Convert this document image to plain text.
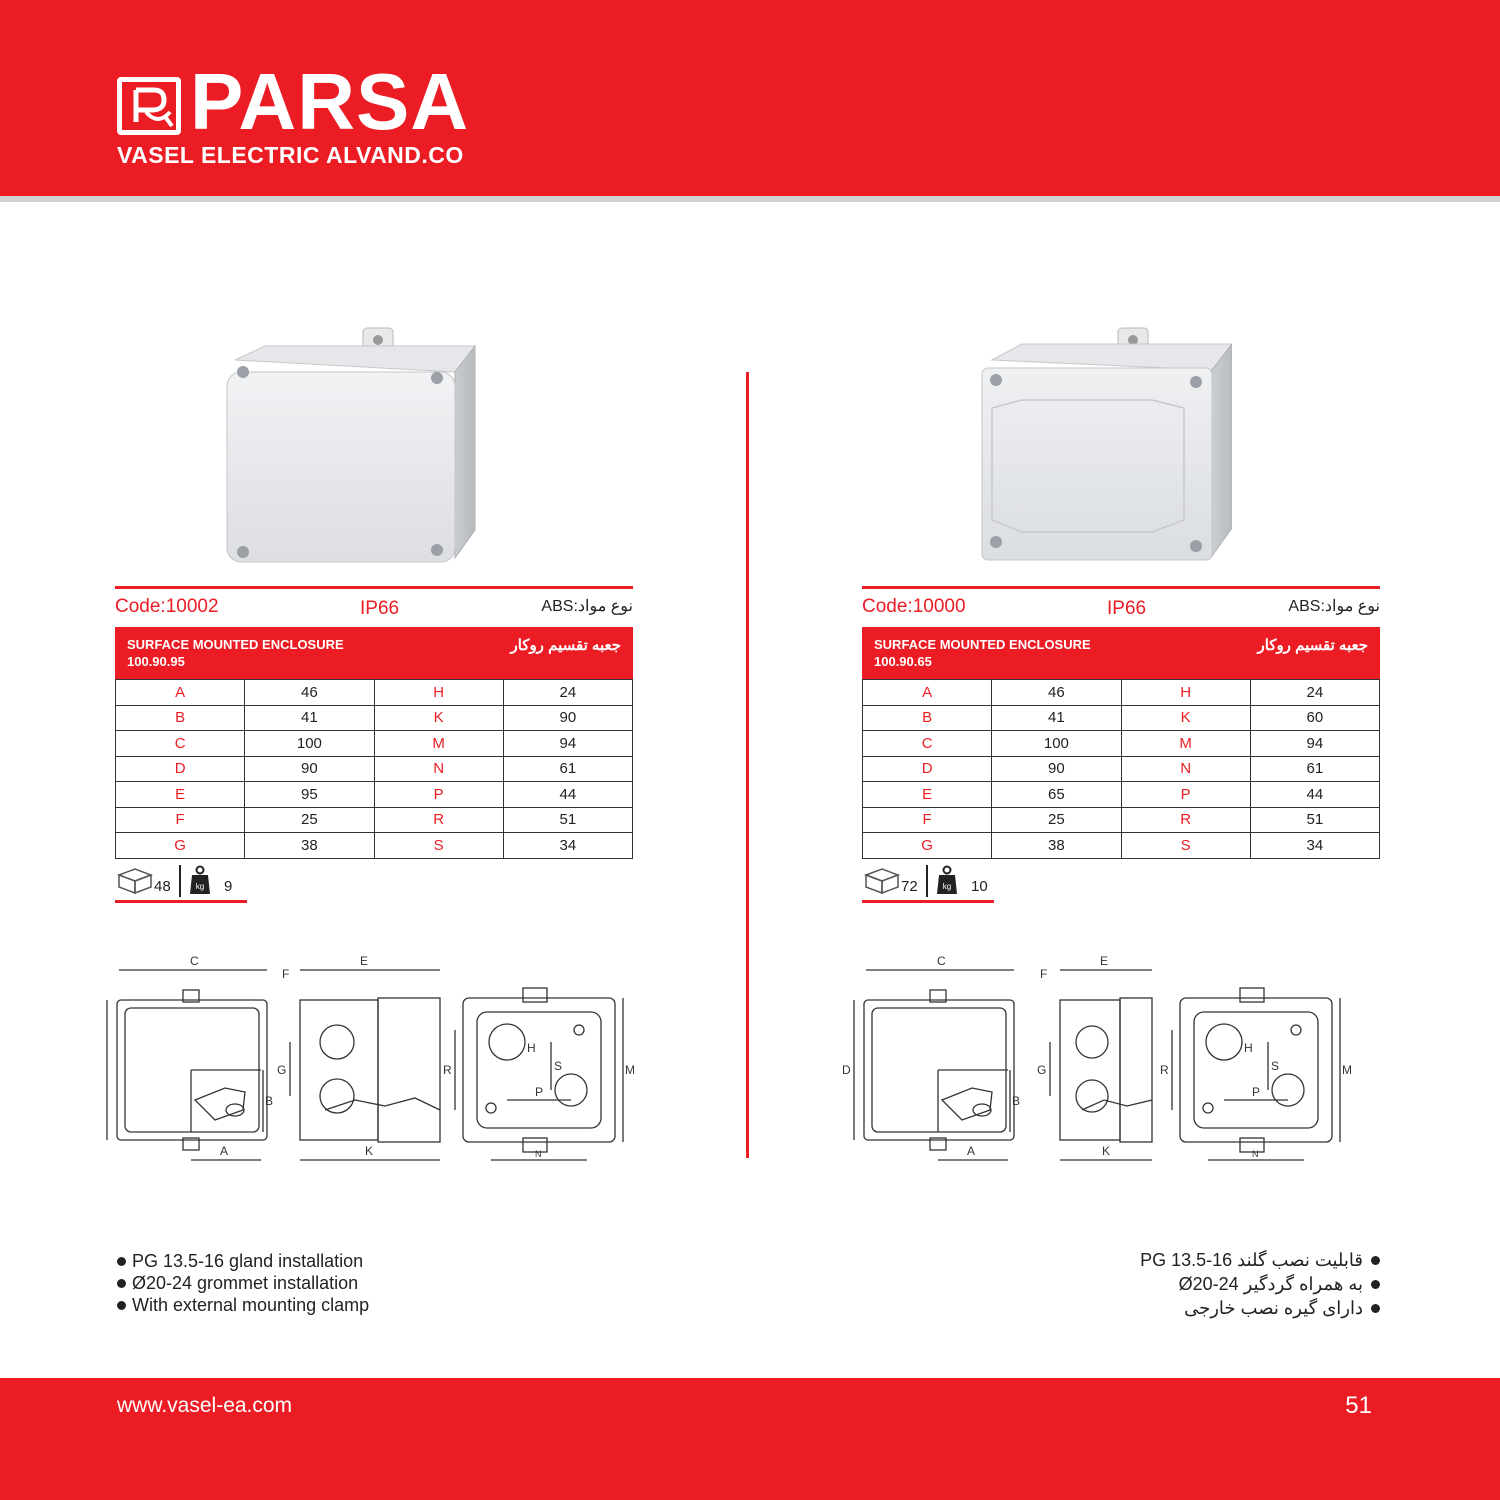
PARSA
VASEL ELECTRIC ALVAND.CO
Code:10002	IP66	نوع مواد:ABS
SURFACE MOUNTED ENCLOSURE
100.90.95
جعبه تقسیم روکار
A	46	H	24
B	41	K	90
C	100	M	94
D	90	N	61
E	95	P	44
F	25	R	51
G	38	S	34
48	kg 9
C
A
B
E
F
G
K
R	M
S
P
H
N
Code:10000	IP66	نوع مواد:ABS
SURFACE MOUNTED ENCLOSURE
100.90.65
جعبه تقسیم روکار
A	46	H	24
B	41	K	60
C	100	M	94
D	90	N	61
E	65	P	44
F	25	R	51
G	38	S	34
72	kg 10
C
A
B
D
E
F
G
K
R	M
S
P
H
N
PG 13.5-16 gland installation
Ø20-24 grommet installation
With external mounting clamp
قابلیت نصب گلند PG 13.5-16
به همراه گردگیر Ø20-24
دارای گیره نصب خارجی
www.vasel-ea.com	51
